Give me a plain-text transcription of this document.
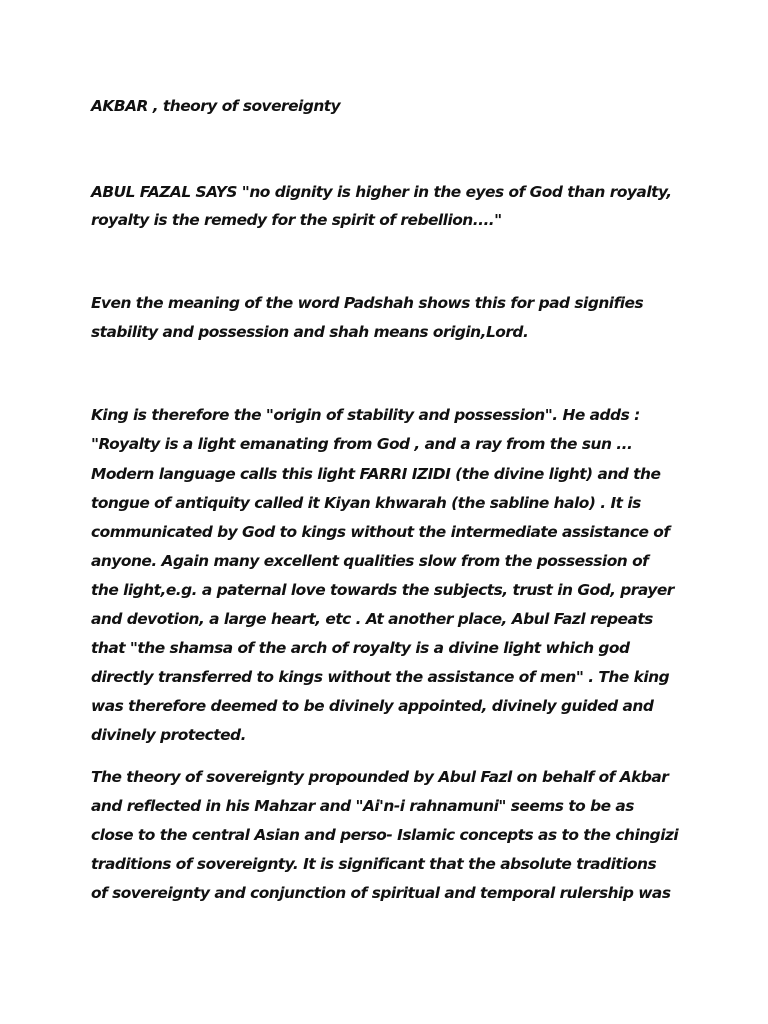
AKBAR , theory of sovereignty

ABUL FAZAL SAYS "no dignity is higher in the eyes of God than royalty,

royalty is the remedy for the spirit of rebellion...."

Even the meaning of the word Padshah shows this for pad signifies

stability and possession and shah means origin,Lord.

King is therefore the "origin of stability and possession". He adds :

"Royalty is a light emanating from God , and a ray from the sun ...

Modern language calls this light FARRI IZIDI (the divine light) and the

tongue of antiquity called it Kiyan khwarah (the sabline halo) . It is

communicated by God to kings without the intermediate assistance of

anyone. Again many excellent qualities slow from the possession of

the light,e.g. a paternal love towards the subjects, trust in God, prayer

and devotion, a large heart, etc . At another place, Abul Fazl repeats

that "the shamsa of the arch of royalty is a divine light which god

directly transferred to kings without the assistance of men" . The king

was therefore deemed to be divinely appointed, divinely guided and

divinely protected.

The theory of sovereignty propounded by Abul Fazl on behalf of Akbar

and reflected in his Mahzar and "Ai'n-i rahnamuni" seems to be as

close to the central Asian and perso- Islamic concepts as to the chingizi

traditions of sovereignty. It is significant that the absolute traditions

of sovereignty and conjunction of spiritual and temporal rulership was
